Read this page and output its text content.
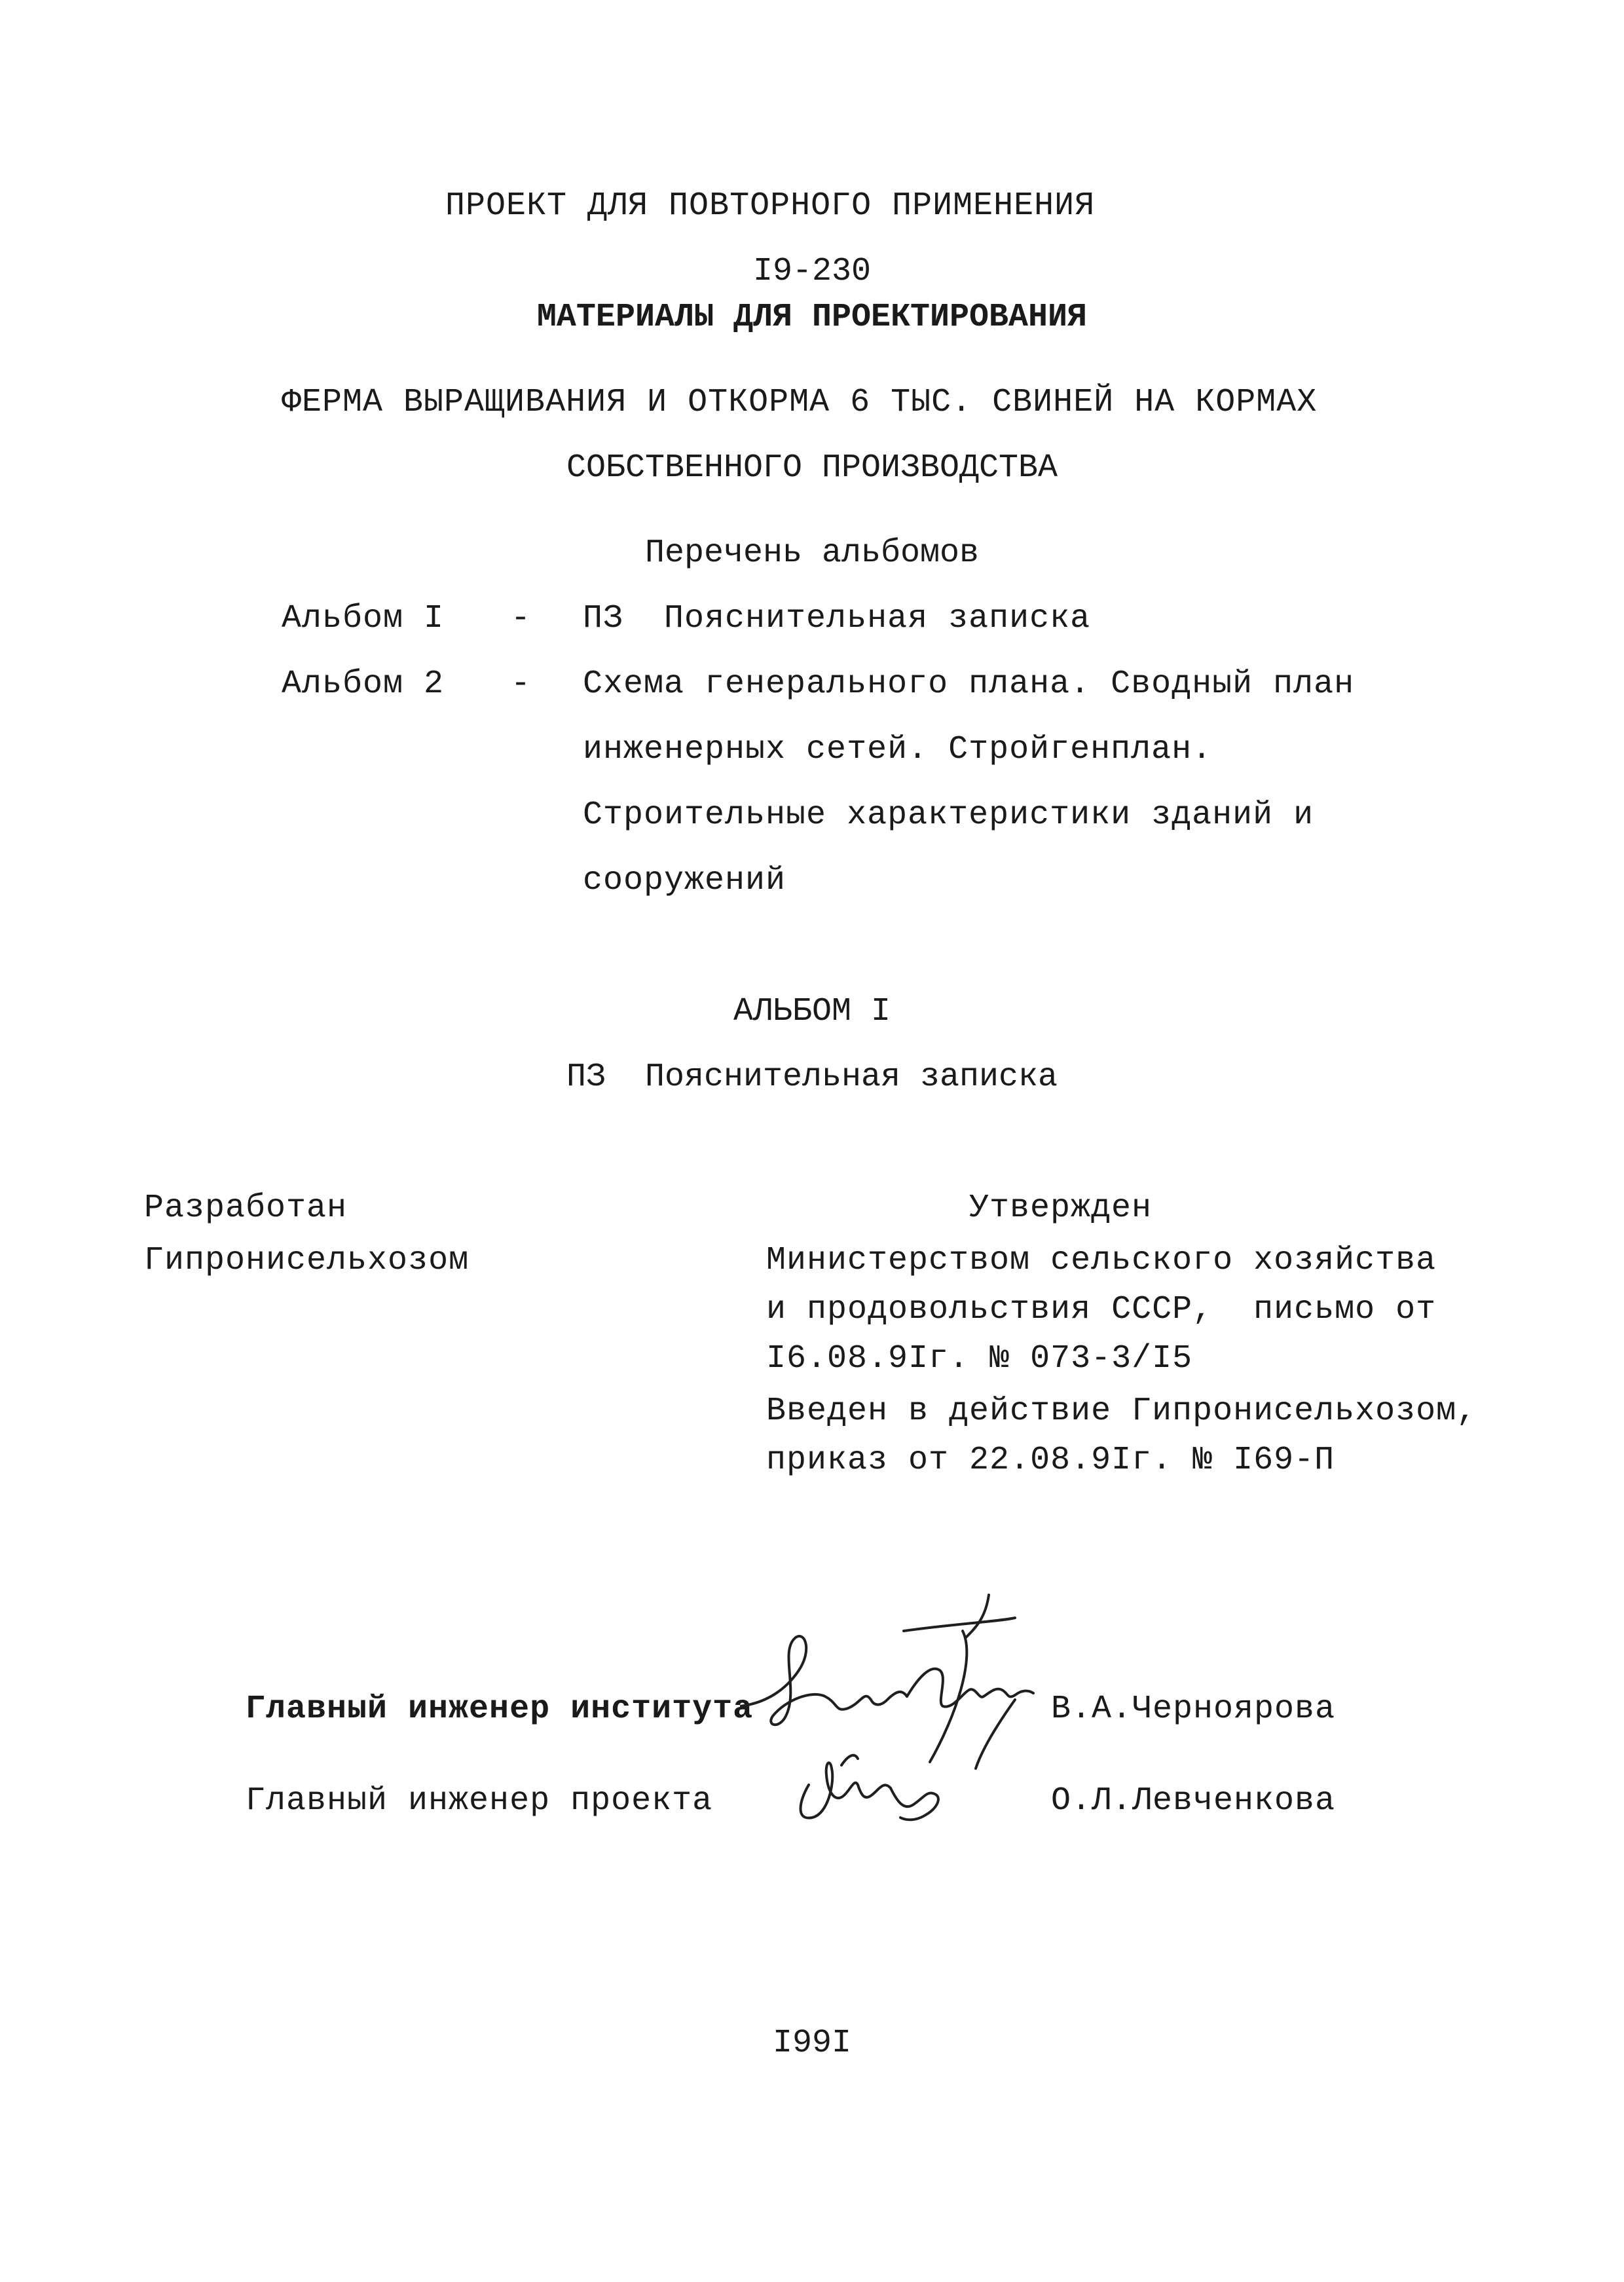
ПРОЕКТ ДЛЯ ПОВТОРНОГО ПРИМЕНЕНИЯ
I9-230
МАТЕРИАЛЫ ДЛЯ ПРОЕКТИРОВАНИЯ
ФЕРМА ВЫРАЩИВАНИЯ И ОТКОРМА 6 ТЫС. СВИНЕЙ НА КОРМАХ
СОБСТВЕННОГО ПРОИЗВОДСТВА
Перечень альбомов
Альбом I - ПЗ  Пояснительная записка
Альбом 2 - Схема генерального плана. Сводный план
инженерных сетей. Стройгенплан.
Строительные характеристики зданий и
сооружений
АЛЬБОМ I
ПЗ  Пояснительная записка
Разработан
Гипронисельхозом
Утвержден
Министерством сельского хозяйства
и продовольствия СССР,  письмо от
I6.08.9Iг. № 073-3/I5
Введен в действие Гипронисельхозом,
приказ от 22.08.9Iг. № I69-П
Главный инженер института	В.А.Черноярова
Главный инженер проекта	О.Л.Левченкова
I99I
